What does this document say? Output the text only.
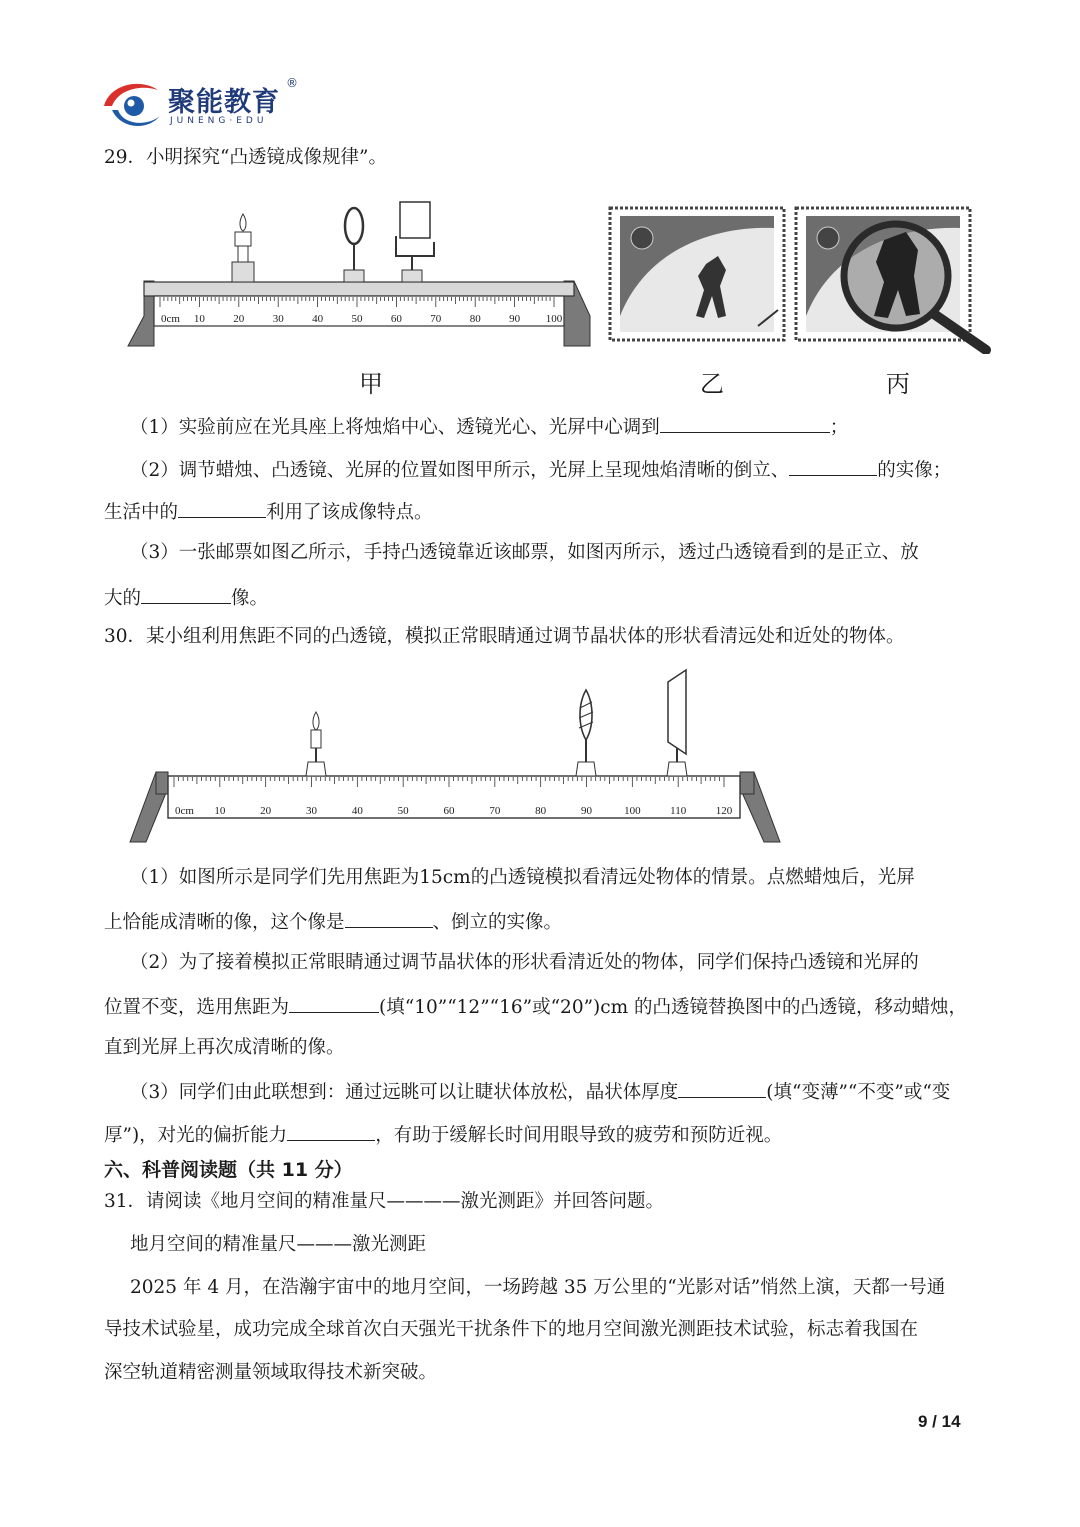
聚能教育
®
JUNENG·EDU
29．小明探究“凸透镜成像规律”。
0cm 10	20	30	40	50	60	70	80	90 100
甲	乙	丙
（1）实验前应在光具座上将烛焰中心、透镜光心、光屏中心调到	；
（2）调节蜡烛、凸透镜、光屏的位置如图甲所示，光屏上呈现烛焰清晰的倒立、	的实像；
生活中的	利用了该成像特点。
（3）一张邮票如图乙所示，手持凸透镜靠近该邮票，如图丙所示，透过凸透镜看到的是正立、放
大的	像。
30．某小组利用焦距不同的凸透镜，模拟正常眼睛通过调节晶状体的形状看清远处和近处的物体。
0cm 10	20	30	40	50	60	70	80	90	100	110	120
（1）如图所示是同学们先用焦距为15cm的凸透镜模拟看清远处物体的情景。点燃蜡烛后，光屏
上恰能成清晰的像，这个像是	、倒立的实像。
（2）为了接着模拟正常眼睛通过调节晶状体的形状看清近处的物体，同学们保持凸透镜和光屏的
位置不变，选用焦距为	(填“10”“12”“16”或“20”)cm 的凸透镜替换图中的凸透镜，移动蜡烛，
直到光屏上再次成清晰的像。
（3）同学们由此联想到：通过远眺可以让睫状体放松，晶状体厚度	(填“变薄”“不变”或“变
厚”)，对光的偏折能力	，有助于缓解长时间用眼导致的疲劳和预防近视。
六、科普阅读题（共 11 分）
31．请阅读《地月空间的精准量尺————激光测距》并回答问题。
地月空间的精准量尺———激光测距
2025 年 4 月，在浩瀚宇宙中的地月空间，一场跨越 35 万公里的“光影对话”悄然上演，天都一号通
导技术试验星，成功完成全球首次白天强光干扰条件下的地月空间激光测距技术试验，标志着我国在
深空轨道精密测量领域取得技术新突破。
9 / 14
